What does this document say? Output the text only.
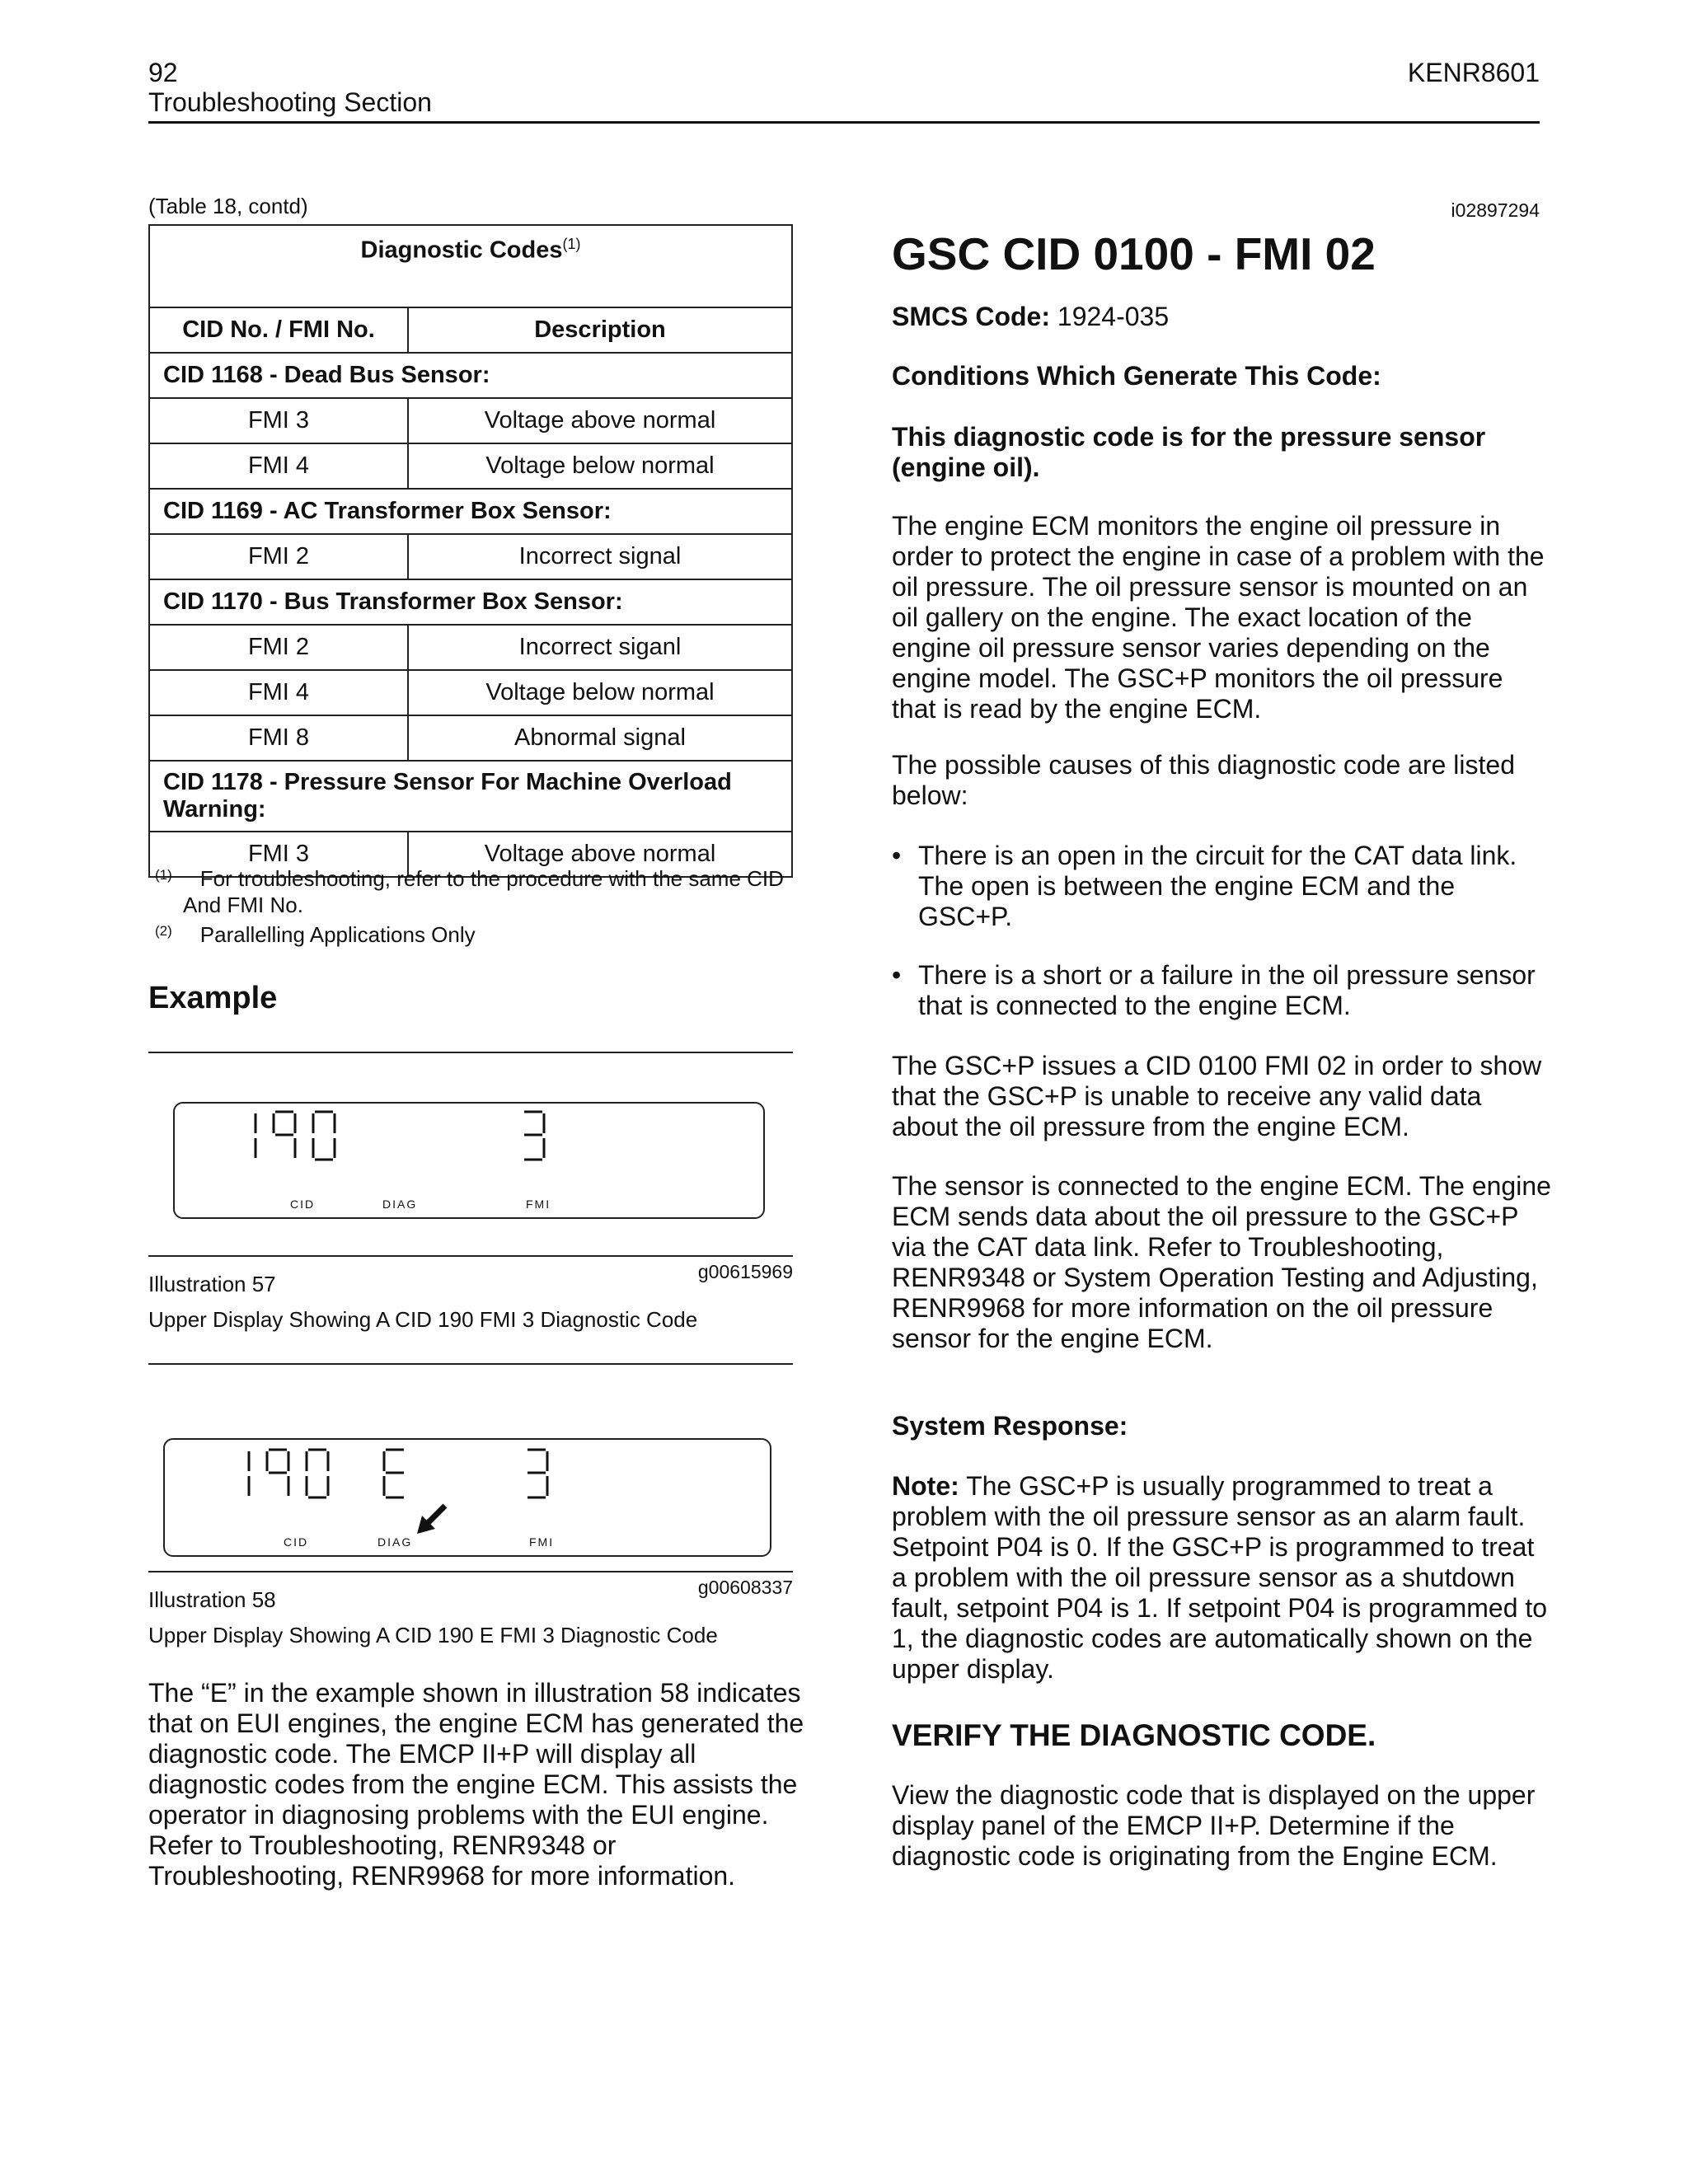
92
Troubleshooting Section
KENR8601
(Table 18, contd)
Diagnostic Codes$^{(1)}$
CID No. / FMI No.	Description
CID 1168 - Dead Bus Sensor:	
FMI 3	Voltage above normal
FMI 4	Voltage below normal
CID 1169 - AC Transformer Box Sensor:	
FMI 2	Incorrect signal
CID 1170 - Bus Transformer Box Sensor:	
FMI 2	Incorrect siganl
FMI 4	Voltage below normal
FMI 8	Abnormal signal
CID 1178 - Pressure Sensor For Machine Overload Warning:	
FMI 3	Voltage above normal
$^{(1)}$ For troubleshooting, refer to the procedure with the same CID
And FMI No.
$^{(2)}$ Parallelling Applications Only
Example
CID	DIAG	FMI
Illustration 57	g00615969
Upper Display Showing A CID 190 FMI 3 Diagnostic Code
CID	DIAG	FMI
Illustration 58	g00608337
Upper Display Showing A CID 190 E FMI 3 Diagnostic Code
The “E” in the example shown in illustration 58 indicates that on EUI engines, the engine ECM has generated the diagnostic code. The EMCP II+P will display all diagnostic codes from the engine ECM. This assists the operator in diagnosing problems with the EUI engine. Refer to Troubleshooting, RENR9348 or Troubleshooting, RENR9968 for more information.
i02897294
GSC CID 0100 - FMI 02
SMCS Code: 1924-035
Conditions Which Generate This Code:
This diagnostic code is for the pressure sensor (engine oil).
The engine ECM monitors the engine oil pressure in order to protect the engine in case of a problem with the oil pressure. The oil pressure sensor is mounted on an oil gallery on the engine. The exact location of the engine oil pressure sensor varies depending on the engine model. The GSC+P monitors the oil pressure that is read by the engine ECM.
The possible causes of this diagnostic code are listed below:
• There is an open in the circuit for the CAT data link. The open is between the engine ECM and the GSC+P.
• There is a short or a failure in the oil pressure sensor that is connected to the engine ECM.
The GSC+P issues a CID 0100 FMI 02 in order to show that the GSC+P is unable to receive any valid data about the oil pressure from the engine ECM.
The sensor is connected to the engine ECM. The engine ECM sends data about the oil pressure to the GSC+P via the CAT data link. Refer to Troubleshooting, RENR9348 or System Operation Testing and Adjusting, RENR9968 for more information on the oil pressure sensor for the engine ECM.
System Response:
Note: The GSC+P is usually programmed to treat a problem with the oil pressure sensor as an alarm fault. Setpoint P04 is 0. If the GSC+P is programmed to treat a problem with the oil pressure sensor as a shutdown fault, setpoint P04 is 1. If setpoint P04 is programmed to 1, the diagnostic codes are automatically shown on the upper display.
VERIFY THE DIAGNOSTIC CODE.
View the diagnostic code that is displayed on the upper display panel of the EMCP II+P. Determine if the diagnostic code is originating from the Engine ECM.
